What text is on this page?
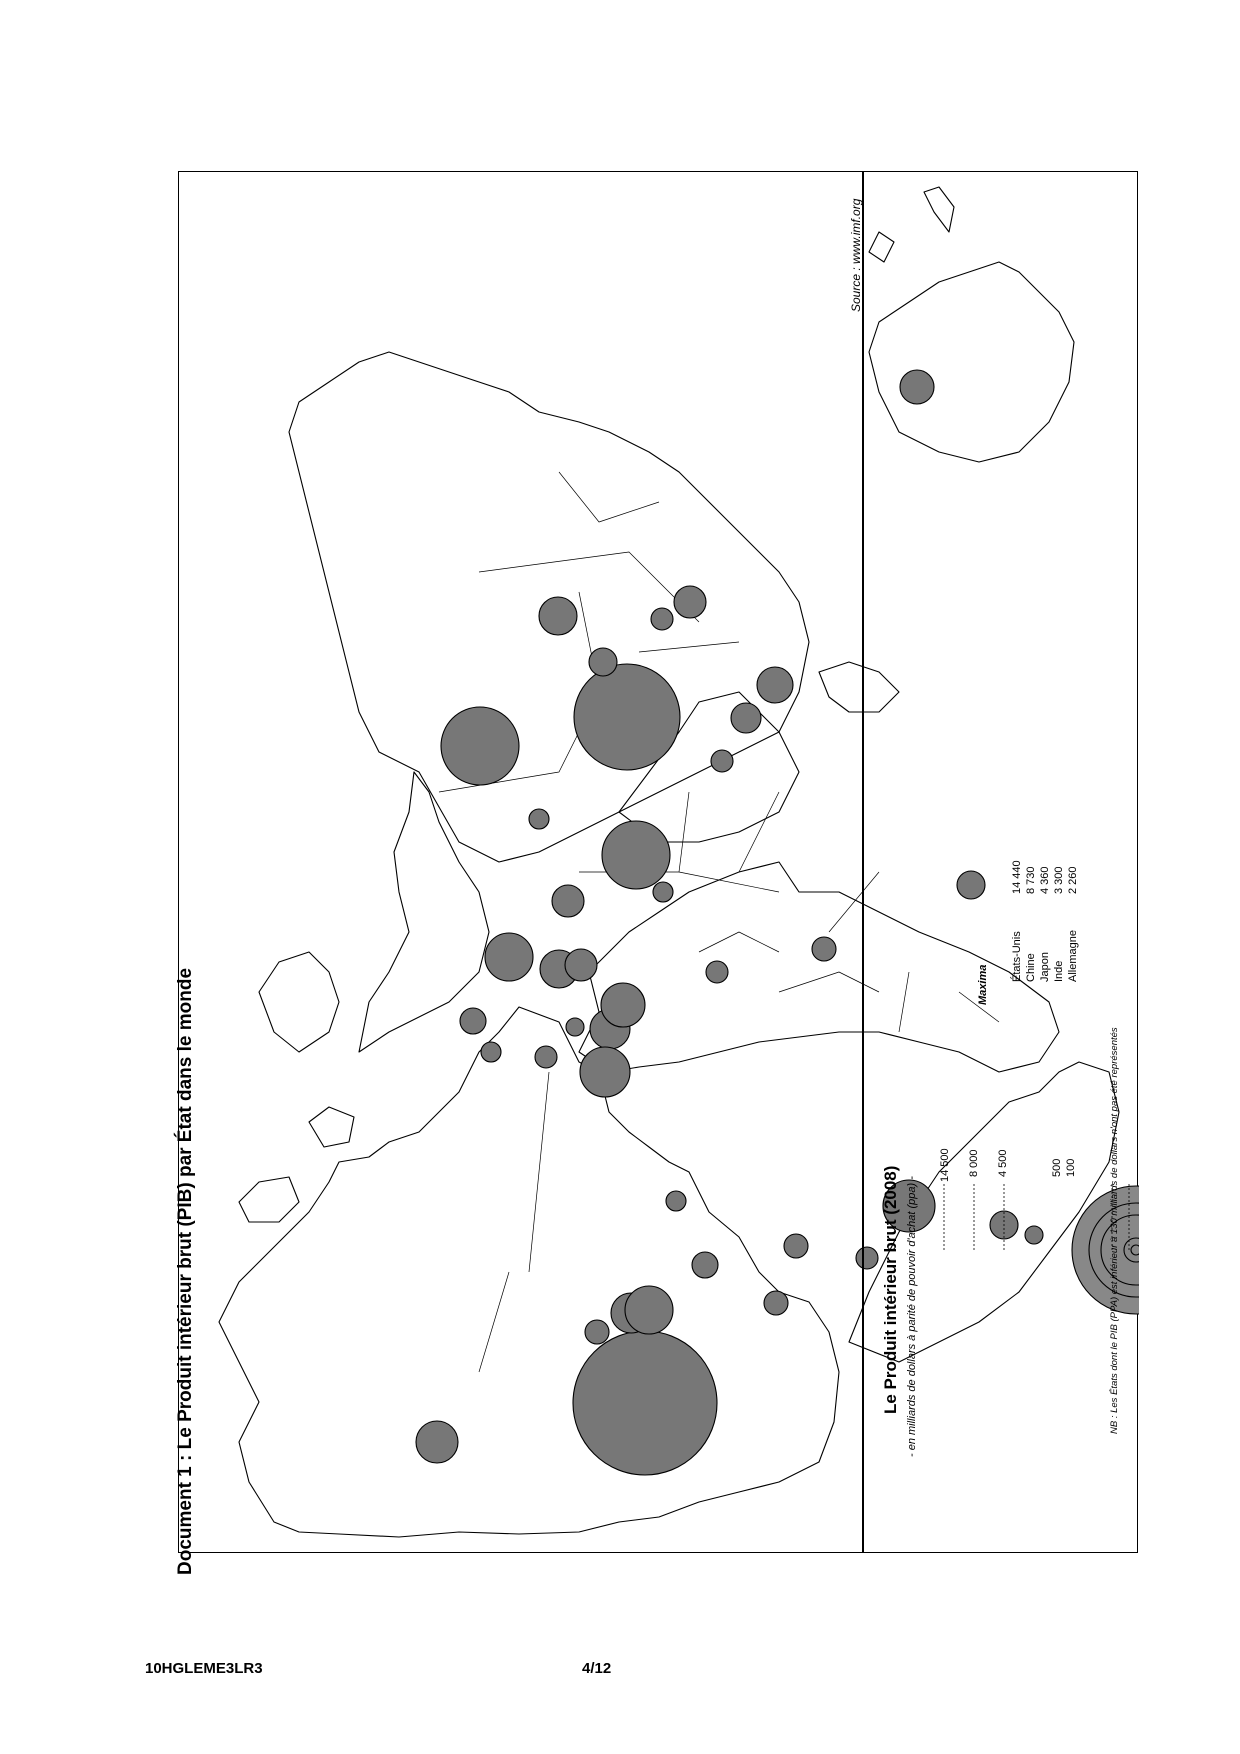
Document 1 : Le Produit intérieur brut (PIB) par État dans le monde
Source : www.imf.org
Le Produit intérieur brut (2008) - en milliards de dollars à parité de pouvoir d'achat (ppa) -
14 500 8 000 4 500	500 100
Maxima
États-Unis Chine Japon Inde Allemagne
14 440 8 730 4 360 3 300 2 260
NB : Les États dont le PIB (PPA) est inférieur à 130 milliards de dollars n'ont pas été représentés
10HGLEME3LR3	4/12
